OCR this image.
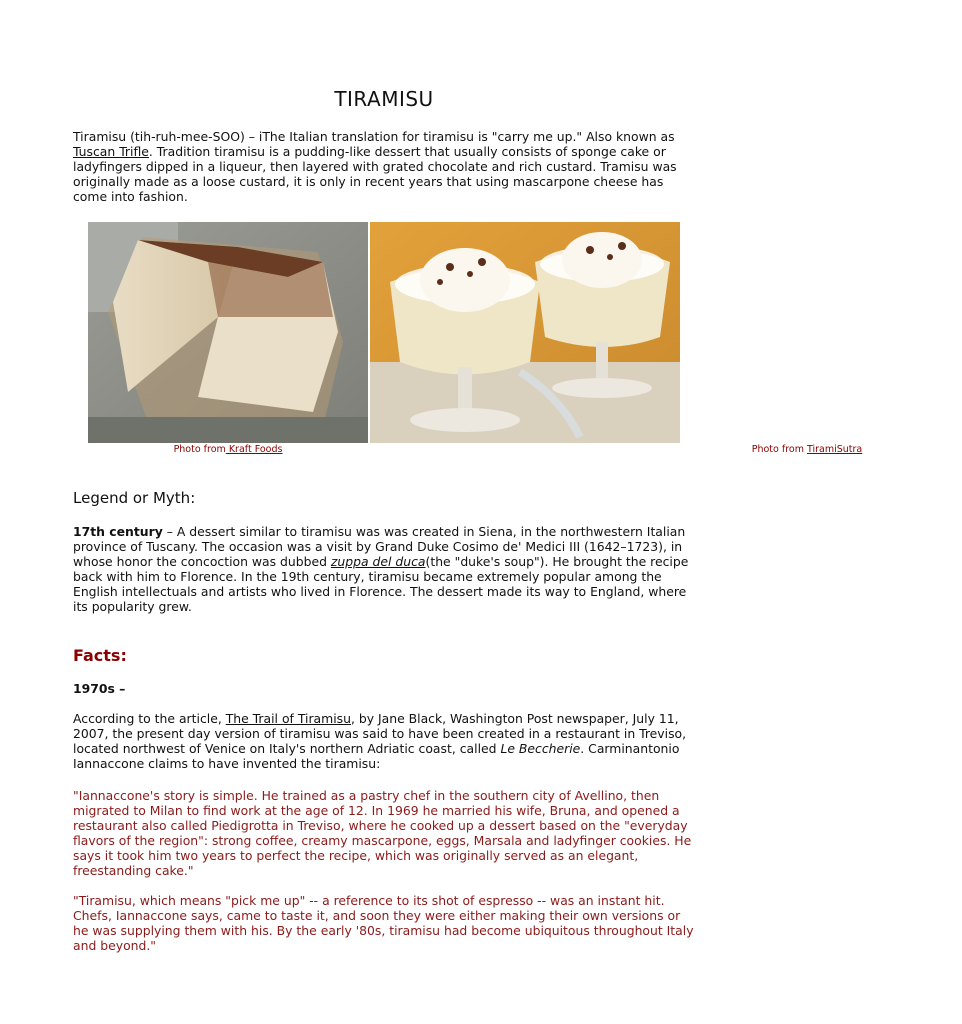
TIRAMISU

Tiramisu (tih-ruh-mee-SOO) – iThe Italian translation for tiramisu is "carry me up." Also known as Tuscan Trifle. Tradition tiramisu is a pudding-like dessert that usually consists of sponge cake or ladyfingers dipped in a liqueur, then layered with grated chocolate and rich custard. Tramisu was originally made as a loose custard, it is only in recent years that using mascarpone cheese has come into fashion.

Photo from Kraft Foods	Photo from TiramiSutra
Legend or Myth:

17th century – A dessert similar to tiramisu was was created in Siena, in the northwestern Italian province of Tuscany. The occasion was a visit by Grand Duke Cosimo de' Medici III (1642–1723), in whose honor the concoction was dubbed zuppa del duca(the "duke's soup"). He brought the recipe back with him to Florence. In the 19th century, tiramisu became extremely popular among the English intellectuals and artists who lived in Florence. The dessert made its way to England, where its popularity grew.

Facts:
1970s –

According to the article, The Trail of Tiramisu, by Jane Black, Washington Post newspaper, July 11, 2007, the present day version of tiramisu was said to have been created in a restaurant in Treviso, located northwest of Venice on Italy's northern Adriatic coast, called Le Beccherie. Carminantonio Iannaccone claims to have invented the tiramisu:

"Iannaccone's story is simple. He trained as a pastry chef in the southern city of Avellino, then migrated to Milan to find work at the age of 12. In 1969 he married his wife, Bruna, and opened a restaurant also called Piedigrotta in Treviso, where he cooked up a dessert based on the "everyday flavors of the region": strong coffee, creamy mascarpone, eggs, Marsala and ladyfinger cookies. He says it took him two years to perfect the recipe, which was originally served as an elegant, freestanding cake."

"Tiramisu, which means "pick me up" -- a reference to its shot of espresso -- was an instant hit. Chefs, Iannaccone says, came to taste it, and soon they were either making their own versions or he was supplying them with his. By the early '80s, tiramisu had become ubiquitous throughout Italy and beyond."
